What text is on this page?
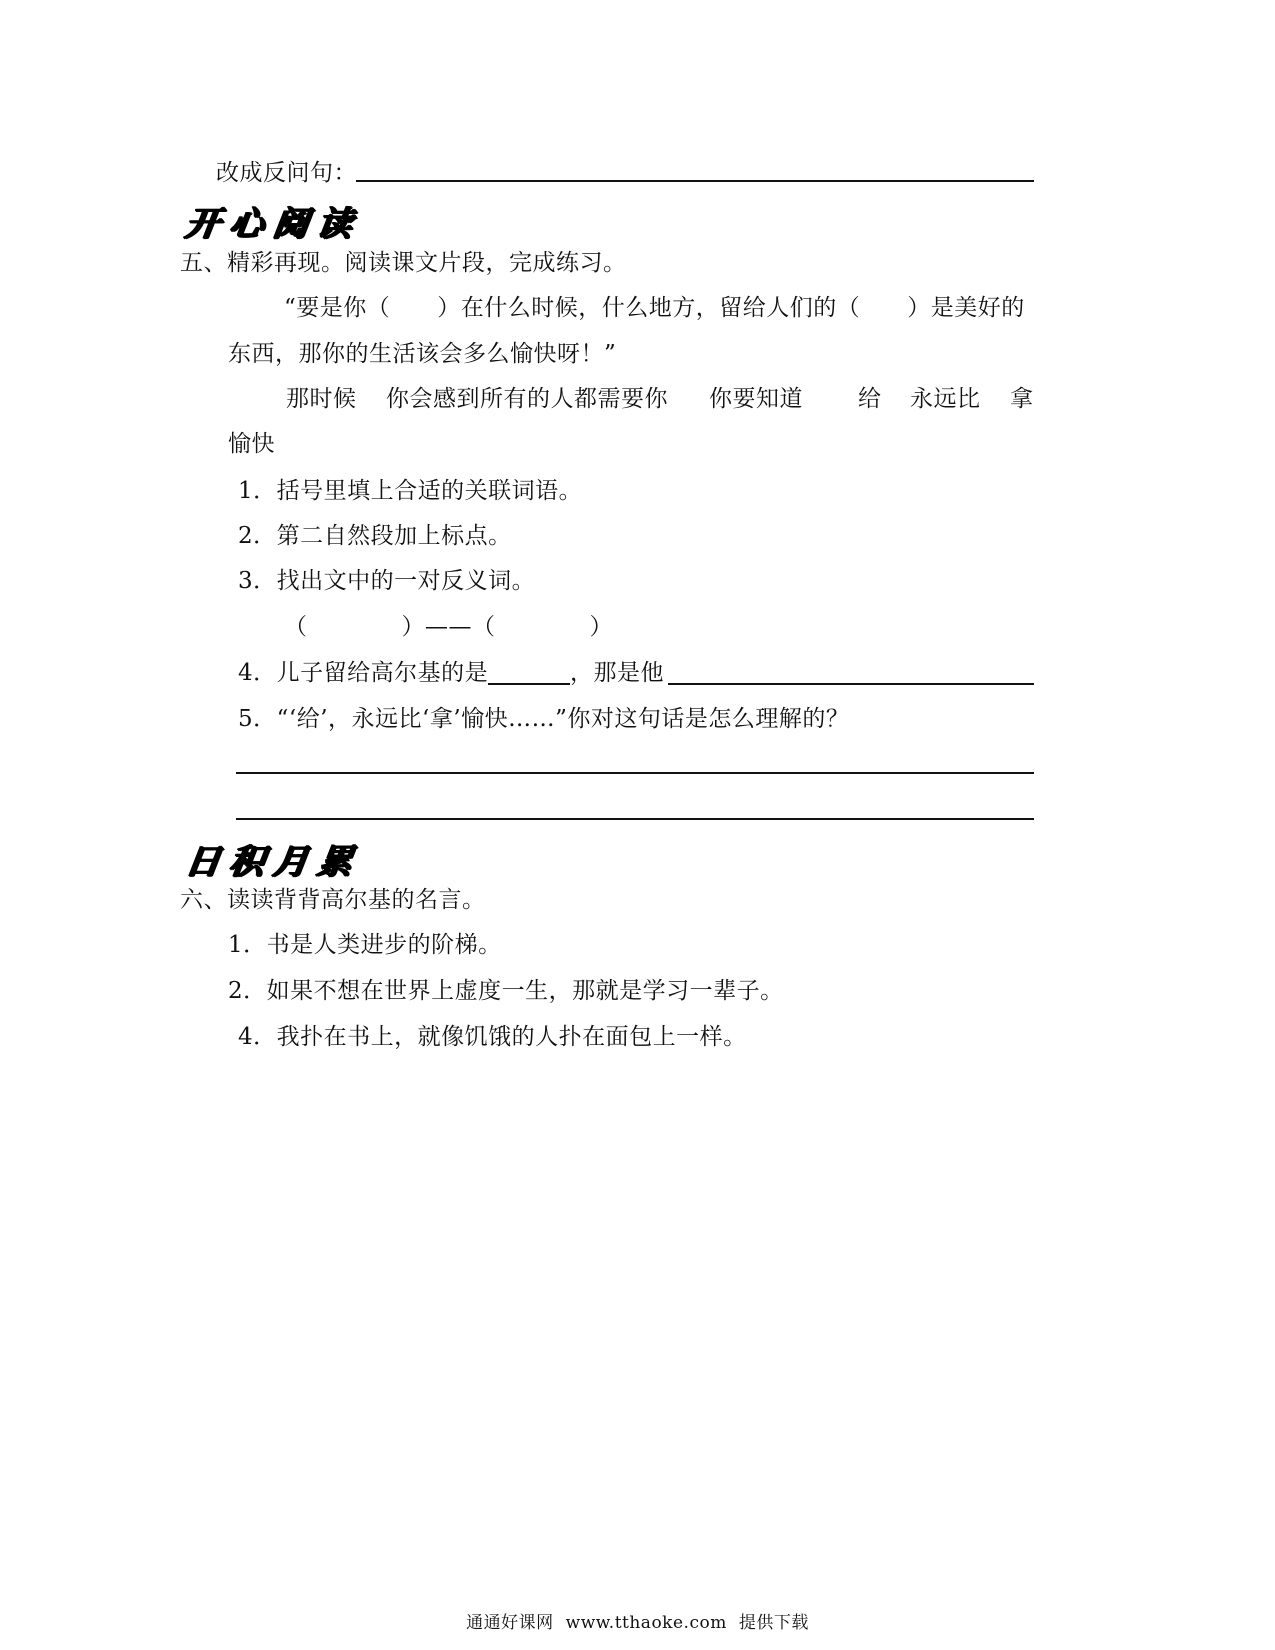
改成反问句：
开心阅读
五、精彩再现。阅读课文片段，完成练习。
“要是你（　　）在什么时候，什么地方，留给人们的（　　）是美好的
东西，那你的生活该会多么愉快呀！”
那时候 你会感到所有的人都需要你 你要知道 给 永远比 拿
愉快
1．括号里填上合适的关联词语。
2．第二自然段加上标点。
3．找出文中的一对反义词。
（　　　　）——（　　　　）
4．儿子留给高尔基的是	，那是他
5．“‘给’，永远比‘拿’愉快……”你对这句话是怎么理解的？
日积月累
六、读读背背高尔基的名言。
1．书是人类进步的阶梯。
2．如果不想在世界上虚度一生，那就是学习一辈子。
4．我扑在书上，就像饥饿的人扑在面包上一样。
通通好课网 www.tthaoke.com 提供下载
